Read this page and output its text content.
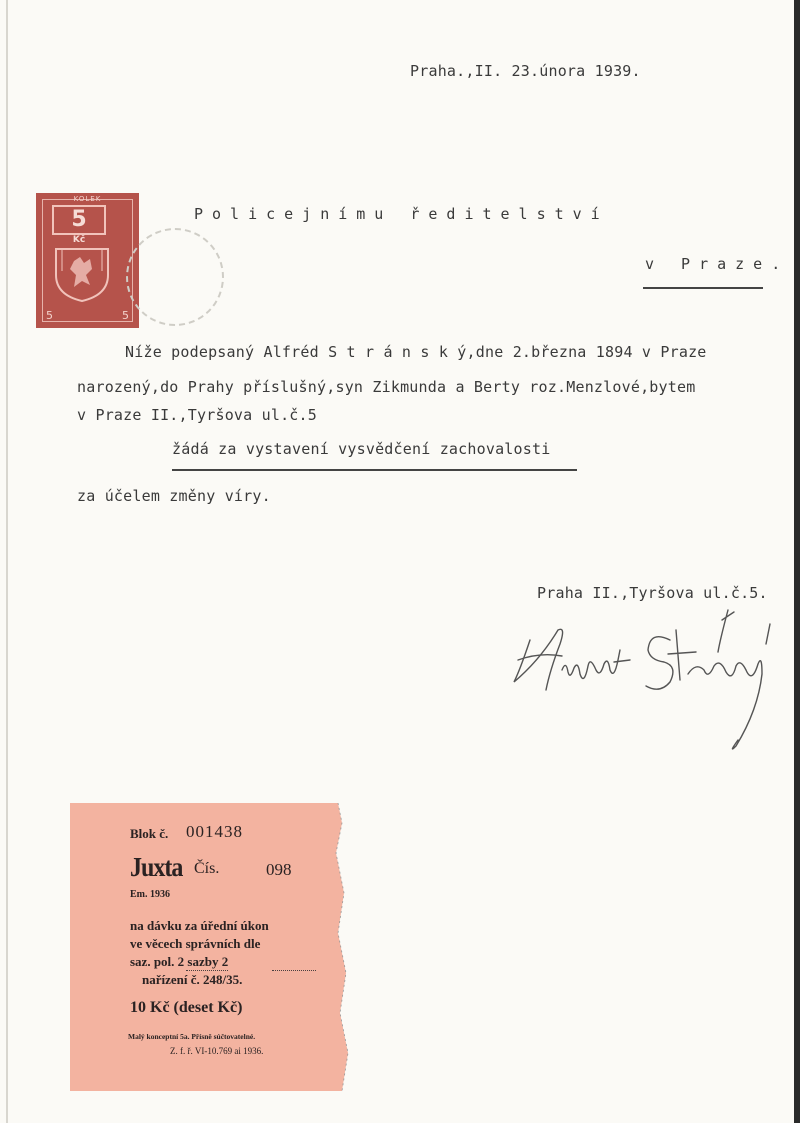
Praha.,II. 23.února 1939.
KOLEK
5
Kč
5	5
Policejnímu ředitelství
v Praze.
Níže podepsaný Alfréd S t r á n s k ý,dne 2.března 1894 v Praze
narozený,do Prahy příslušný,syn Zikmunda a Berty roz.Menzlové,bytem
v Praze II.,Tyršova ul.č.5
žádá za vystavení vysvědčení zachovalosti
za účelem změny víry.
Praha II.,Tyršova ul.č.5.
Blok č. 001438
Juxta Čís.	098
Em. 1936
na dávku za úřední úkon
ve věcech správních dle
saz. pol. 2 sazby 2
nařízení č. 248/35.
10 Kč (deset Kč)
Malý konceptní 5a. Přísně súčtovatelné.
Z. f. ř. VI-10.769 ai 1936.
